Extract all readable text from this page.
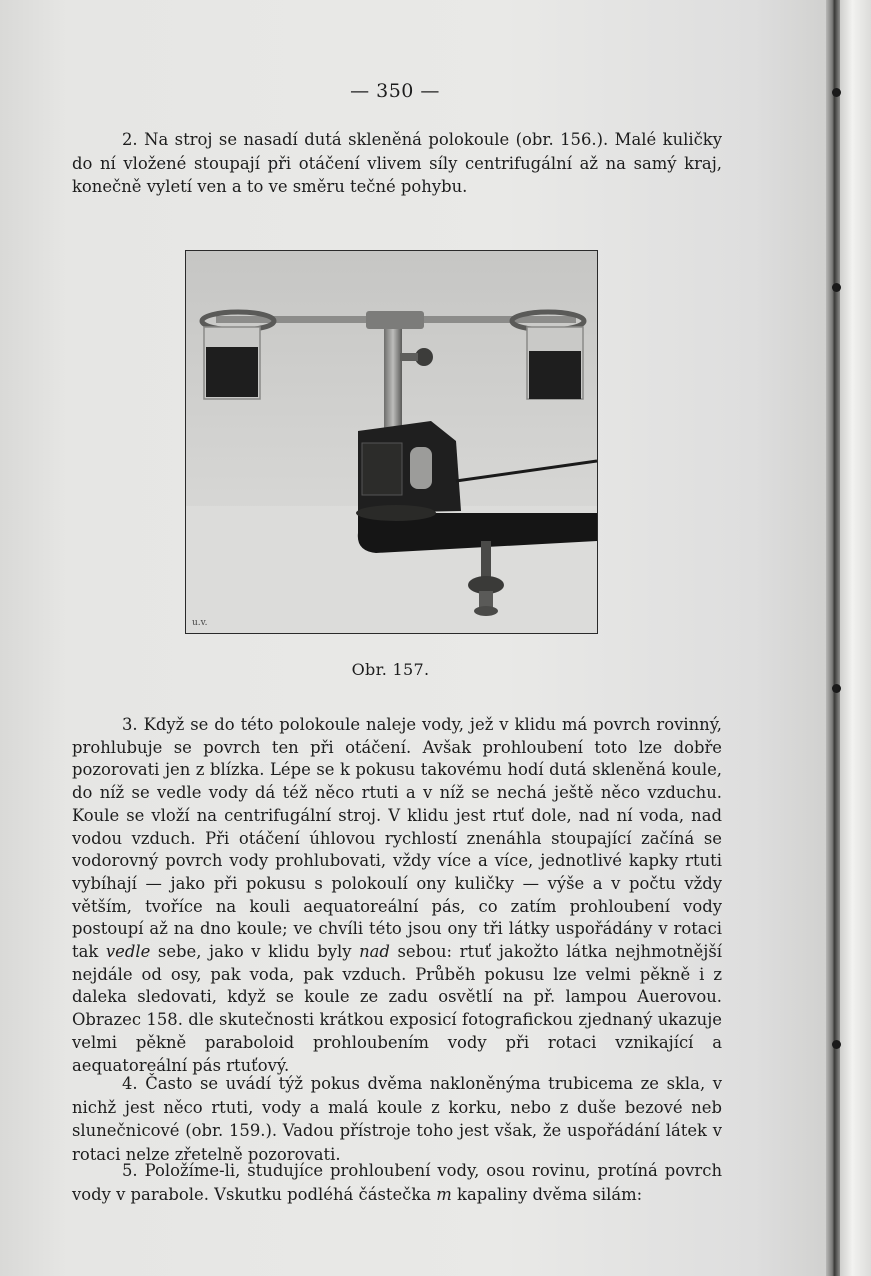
— 350 —

2. Na stroj se nasadí dutá skleněná polokoule (obr. 156.). Malé kuličky do ní vložené stoupají při otáčení vlivem síly centrifugální až na samý kraj, konečně vyletí ven a to ve směru tečné pohybu.

u.v.
Obr. 157.

3. Když se do této polokoule naleje vody, jež v klidu má povrch rovinný, prohlubuje se povrch ten při otáčení. Avšak prohloubení toto lze dobře pozorovati jen z blízka. Lépe se k pokusu takovému hodí dutá skleněná koule, do níž se vedle vody dá též něco rtuti a v níž se nechá ještě něco vzduchu. Koule se vloží na centrifugální stroj. V klidu jest rtuť dole, nad ní voda, nad vodou vzduch. Při otáčení úhlovou rychlostí znenáhla stoupající začíná se vodorovný povrch vody prohlubovati, vždy více a více, jednotlivé kapky rtuti vybíhají — jako při pokusu s polokoulí ony kuličky — výše a v počtu vždy větším, tvoříce na kouli aequatoreální pás, co zatím prohloubení vody postoupí až na dno koule; ve chvíli této jsou ony tři látky uspořádány v rotaci tak vedle sebe, jako v klidu byly nad sebou: rtuť jakožto látka nejhmotnější nejdále od osy, pak voda, pak vzduch. Průběh pokusu lze velmi pěkně i z daleka sledovati, když se koule ze zadu osvětlí na př. lampou Auerovou. Obrazec 158. dle skutečnosti krátkou exposicí fotografickou zjednaný ukazuje velmi pěkně paraboloid prohloubením vody při rotaci vznikající a aequatoreální pás rtuťový.

4. Často se uvádí týž pokus dvěma nakloněnýma trubicema ze skla, v nichž jest něco rtuti, vody a malá koule z korku, nebo z duše bezové neb slunečnicové (obr. 159.). Vadou přístroje toho jest však, že uspořádání látek v rotaci nelze zřetelně pozorovati.

5. Položíme-li, studujíce prohloubení vody, osou rovinu, protíná povrch vody v parabole. Vskutku podléhá částečka m kapaliny dvěma silám:
